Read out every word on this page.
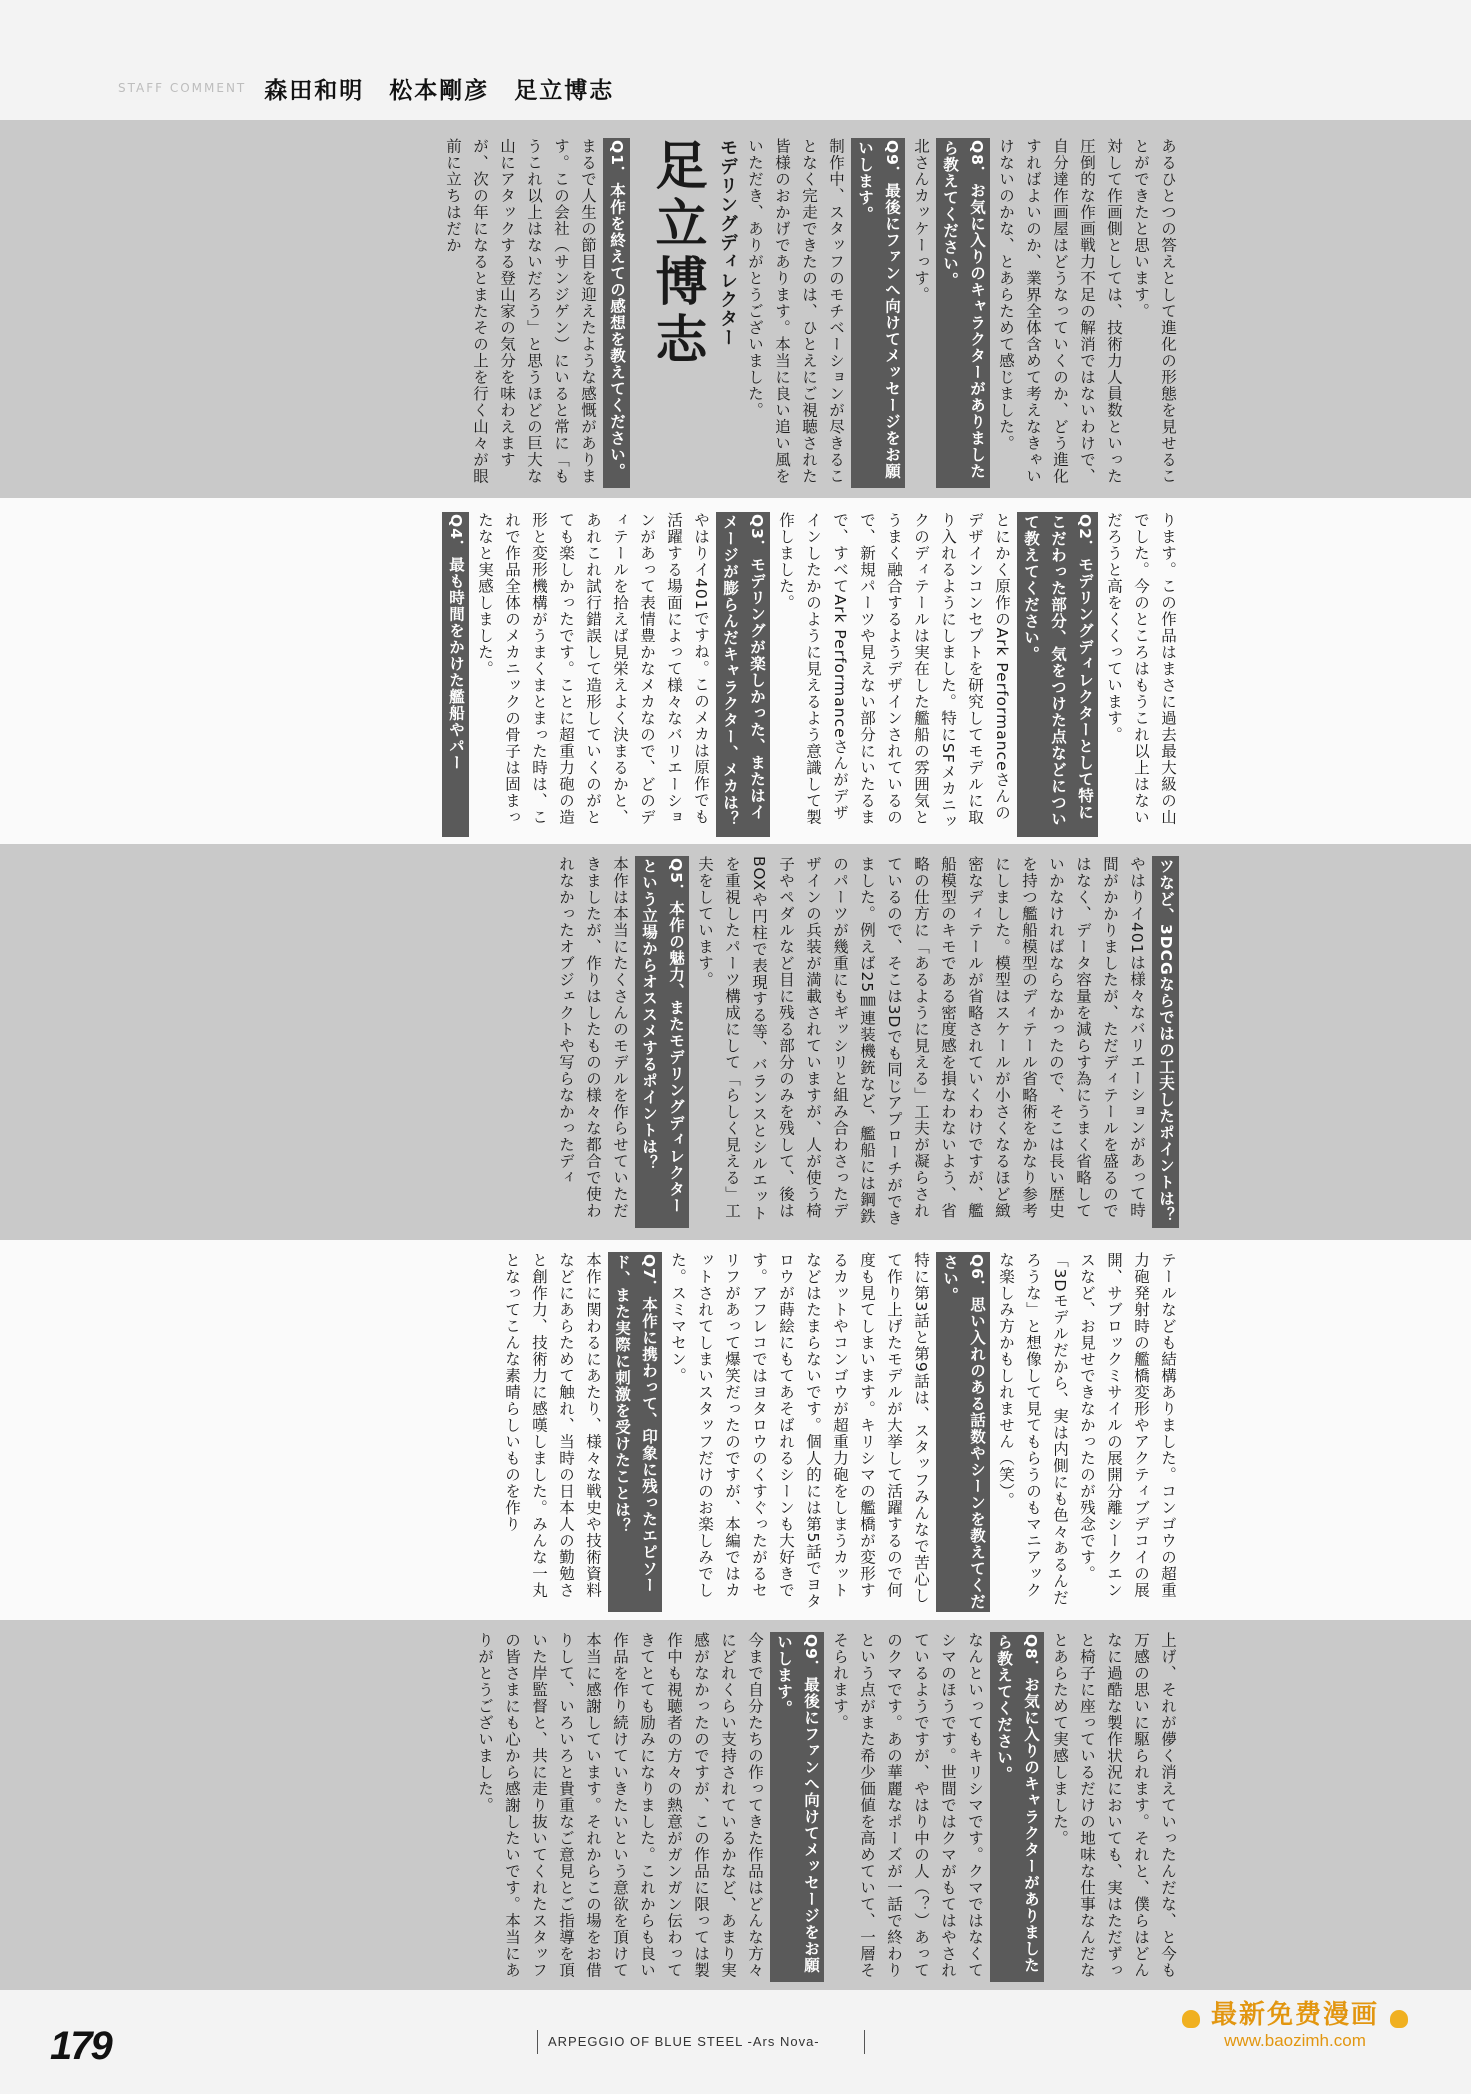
STAFF COMMENT 森田和明　松本剛彦　足立博志

あるひとつの答えとして進化の形態を見せることができたと思います。

対して作画側としては、技術力人員数といった圧倒的な作画戦力不足の解消ではないわけで、自分達作画屋はどうなっていくのか、どう進化すればよいのか、業界全体含めて考えなきゃいけないのかな、とあらためて感じました。

Q8．お気に入りのキャラクターがありましたら教えてください。

北さんカッケーっす。

Q9．最後にファンへ向けてメッセージをお願いします。

制作中、スタッフのモチベーションが尽きることなく完走できたのは、ひとえにご視聴された皆様のおかげであります。本当に良い追い風をいただき、ありがとうございました。

モデリングディレクター

足立博志

Q1．本作を終えての感想を教えてください。

まるで人生の節目を迎えたような感慨があります。この会社（サンジゲン）にいると常に「もうこれ以上はないだろう」と思うほどの巨大な山にアタックする登山家の気分を味わえますが、次の年になるとまたその上を行く山々が眼前に立ちはだか

ります。この作品はまさに過去最大級の山でした。今のところはもうこれ以上はないだろうと高をくくっています。

Q2．モデリングディレクターとして特にこだわった部分、気をつけた点などについて教えてください。

とにかく原作のArk Performanceさんのデザインコンセプトを研究してモデルに取り入れるようにしました。特にSFメカニックのディテールは実在した艦船の雰囲気とうまく融合するようデザインされているので、新規パーツや見えない部分にいたるまで、すべてArk Performanceさんがデザインしたかのように見えるよう意識して製作しました。

Q3．モデリングが楽しかった、またはイメージが膨らんだキャラクター、メカは？

やはりイ401ですね。このメカは原作でも活躍する場面によって様々なバリエーションがあって表情豊かなメカなので、どのディテールを拾えば見栄えよく決まるかと、あれこれ試行錯誤して造形していくのがとても楽しかったです。ことに超重力砲の造形と変形機構がうまくまとまった時は、これで作品全体のメカニックの骨子は固まったなと実感しました。

Q4．最も時間をかけた艦船やパー

ツなど、3DCGならではの工夫したポイントは？

やはりイ401は様々なバリエーションがあって時間がかかりましたが、ただディテールを盛るのではなく、データ容量を減らす為にうまく省略していかなければならなかったので、そこは長い歴史を持つ艦船模型のディテール省略術をかなり参考にしました。模型はスケールが小さくなるほど緻密なディテールが省略されていくわけですが、艦船模型のキモである密度感を損なわないよう、省略の仕方に「あるように見える」工夫が凝らされているので、そこは3Dでも同じアプローチができました。例えば25㎜連装機銃など、艦船には鋼鉄のパーツが幾重にもギッシリと組み合わさったデザインの兵装が満載されていますが、人が使う椅子やペダルなど目に残る部分のみを残して、後はBOXや円柱で表現する等、バランスとシルエットを重視したパーツ構成にして「らしく見える」工夫をしています。

Q5．本作の魅力、またモデリングディレクターという立場からオススメするポイントは？

本作は本当にたくさんのモデルを作らせていただきましたが、作りはしたものの様々な都合で使われなかったオブジェクトや写らなかったディ

テールなども結構ありました。コンゴウの超重力砲発射時の艦橋変形やアクティブデコイの展開、サブロックミサイルの展開分離シークエンスなど、お見せできなかったのが残念です。「3Dモデルだから、実は内側にも色々あるんだろうな」と想像して見てもらうのもマニアックな楽しみ方かもしれません（笑）。

Q6．思い入れのある話数やシーンを教えてください。

特に第3話と第9話は、スタッフみんなで苦心して作り上げたモデルが大挙して活躍するので何度も見てしまいます。キリシマの艦橋が変形するカットやコンゴウが超重力砲をしまうカットなどはたまらないです。個人的には第5話でヨタロウが蒔絵にもてあそばれるシーンも大好きです。アフレコではヨタロウのくすぐったがるセリフがあって爆笑だったのですが、本編ではカットされてしまいスタッフだけのお楽しみでした。スミマセン。

Q7．本作に携わって、印象に残ったエピソード、また実際に刺激を受けたことは？

本作に関わるにあたり、様々な戦史や技術資料などにあらためて触れ、当時の日本人の勤勉さと創作力、技術力に感嘆しました。みんな一丸となってこんな素晴らしいものを作り

上げ、それが儚く消えていったんだな、と今も万感の思いに駆られます。それと、僕らはどんなに過酷な製作状況においても、実はただずっと椅子に座っているだけの地味な仕事なんだなとあらためて実感しました。

Q8．お気に入りのキャラクターがありましたら教えてください。

なんといってもキリシマです。クマではなくてシマのほうです。世間ではクマがもてはやされているようですが、やはり中の人（？）あってのクマです。あの華麗なポーズが一話で終わりという点がまた希少価値を高めていて、一層そそられます。

Q9．最後にファンへ向けてメッセージをお願いします。

今まで自分たちの作ってきた作品はどんな方々にどれくらい支持されているかなど、あまり実感がなかったのですが、この作品に限っては製作中も視聴者の方々の熱意がガンガン伝わってきてとても励みになりました。これからも良い作品を作り続けていきたいという意欲を頂けて本当に感謝しています。それからこの場をお借りして、いろいろと貴重なご意見とご指導を頂いた岸監督と、共に走り抜いてくれたスタッフの皆さまにも心から感謝したいです。本当にありがとうございました。

179	ARPEGGIO OF BLUE STEEL -Ars Nova-
最新免费漫画
www.baozimh.com
